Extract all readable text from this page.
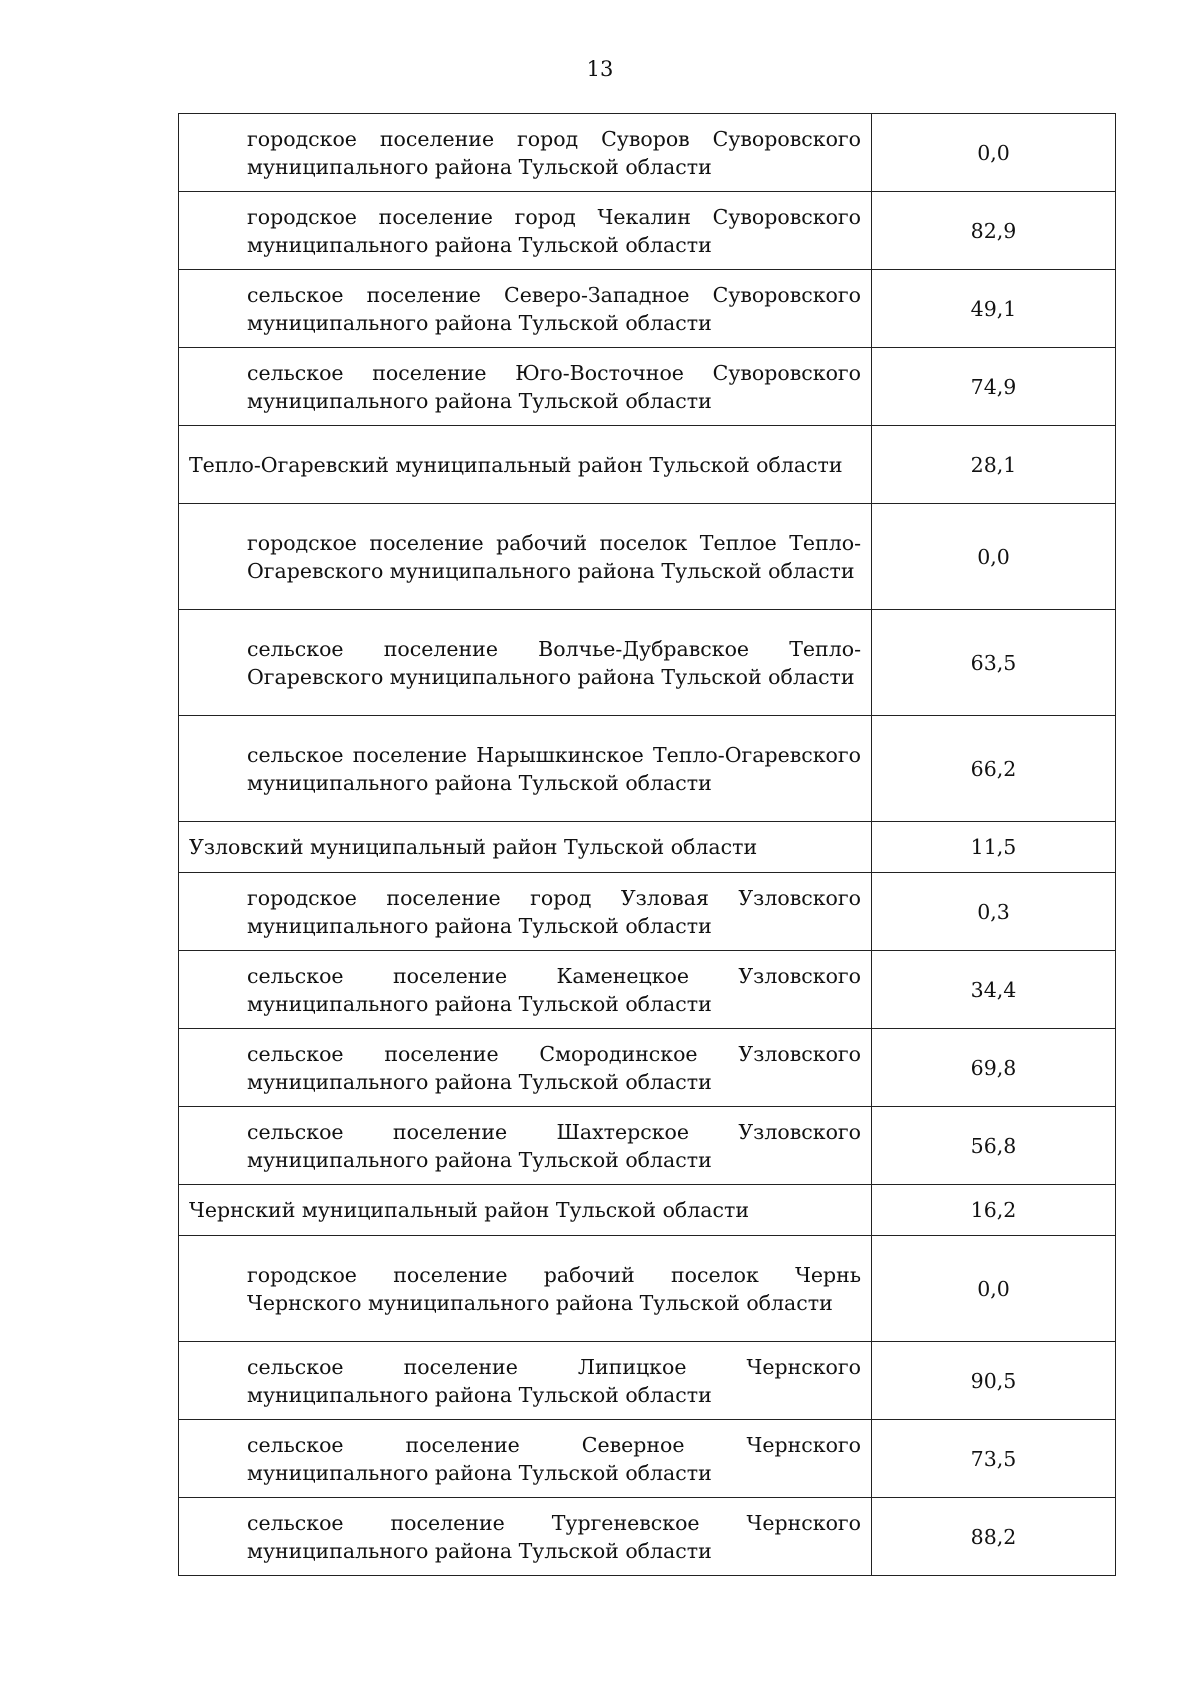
13
городское поселение город Суворов Суворовского муниципального района Тульской области	0,0
городское поселение город Чекалин Суворовского муниципального района Тульской области	82,9
сельское поселение Северо-Западное Суворовского муниципального района Тульской области	49,1
сельское поселение Юго-Восточное Суворовского муниципального района Тульской области	74,9
Тепло-Огаревский муниципальный район Тульской области	28,1
городское поселение рабочий поселок Теплое Тепло-Огаревского муниципального района Тульской области	0,0
сельское поселение Волчье-Дубравское Тепло-Огаревского муниципального района Тульской области	63,5
сельское поселение Нарышкинское Тепло-Огаревского муниципального района Тульской области	66,2
Узловский муниципальный район Тульской области	11,5
городское поселение город Узловая Узловского муниципального района Тульской области	0,3
сельское поселение Каменецкое Узловского муниципального района Тульской области	34,4
сельское поселение Смородинское Узловского муниципального района Тульской области	69,8
сельское поселение Шахтерское Узловского муниципального района Тульской области	56,8
Чернский муниципальный район Тульской области	16,2
городское поселение рабочий поселок Чернь Чернского муниципального района Тульской области	0,0
сельское поселение Липицкое Чернского муниципального района Тульской области	90,5
сельское поселение Северное Чернского муниципального района Тульской области	73,5
сельское поселение Тургеневское Чернского муниципального района Тульской области	88,2
